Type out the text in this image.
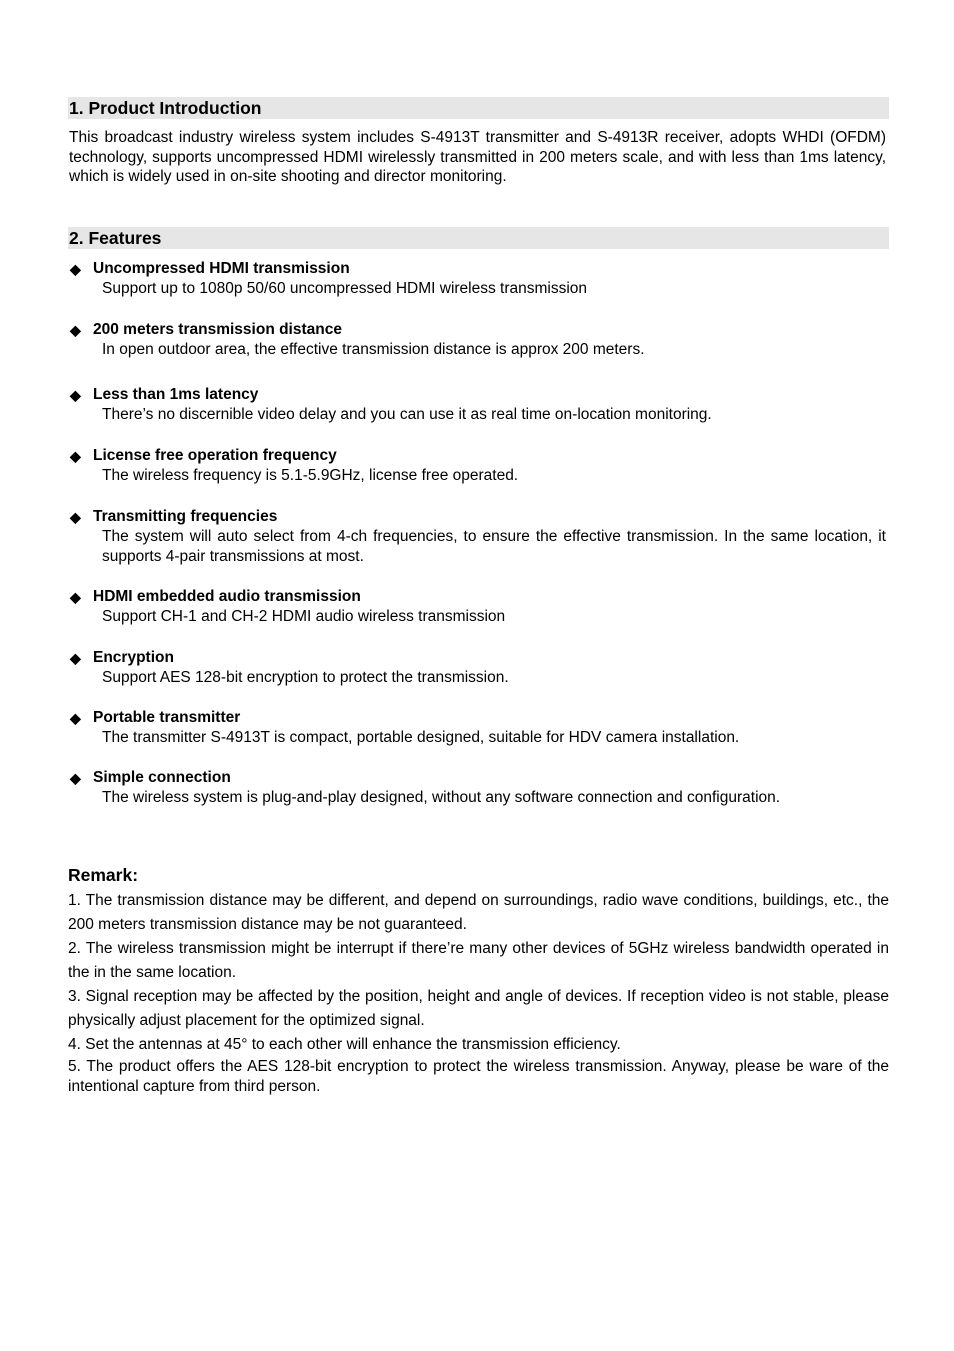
1. Product Introduction

This broadcast industry wireless system includes S-4913T transmitter and S-4913R receiver, adopts WHDI (OFDM) technology, supports uncompressed HDMI wirelessly transmitted in 200 meters scale, and with less than 1ms latency, which is widely used in on-site shooting and director monitoring.

2. Features
◆ Uncompressed HDMI transmission
Support up to 1080p 50/60 uncompressed HDMI wireless transmission
◆ 200 meters transmission distance
In open outdoor area, the effective transmission distance is approx 200 meters.
◆ Less than 1ms latency
There’s no discernible video delay and you can use it as real time on-location monitoring.
◆ License free operation frequency
The wireless frequency is 5.1-5.9GHz, license free operated.
◆ Transmitting frequencies
The system will auto select from 4-ch frequencies, to ensure the effective transmission. In the same location, it supports 4-pair transmissions at most.
◆ HDMI embedded audio transmission
Support CH-1 and CH-2 HDMI audio wireless transmission
◆ Encryption
Support AES 128-bit encryption to protect the transmission.
◆ Portable transmitter
The transmitter S-4913T is compact, portable designed, suitable for HDV camera installation.
◆ Simple connection
The wireless system is plug-and-play designed, without any software connection and configuration.
Remark:

1. The transmission distance may be different, and depend on surroundings, radio wave conditions, buildings, etc., the 200 meters transmission distance may be not guaranteed.

2. The wireless transmission might be interrupt if there’re many other devices of 5GHz wireless bandwidth operated in the in the same location.

3. Signal reception may be affected by the position, height and angle of devices. If reception video is not stable, please physically adjust placement for the optimized signal.

4. Set the antennas at 45° to each other will enhance the transmission efficiency.

5. The product offers the AES 128-bit encryption to protect the wireless transmission. Anyway, please be ware of the intentional capture from third person.
